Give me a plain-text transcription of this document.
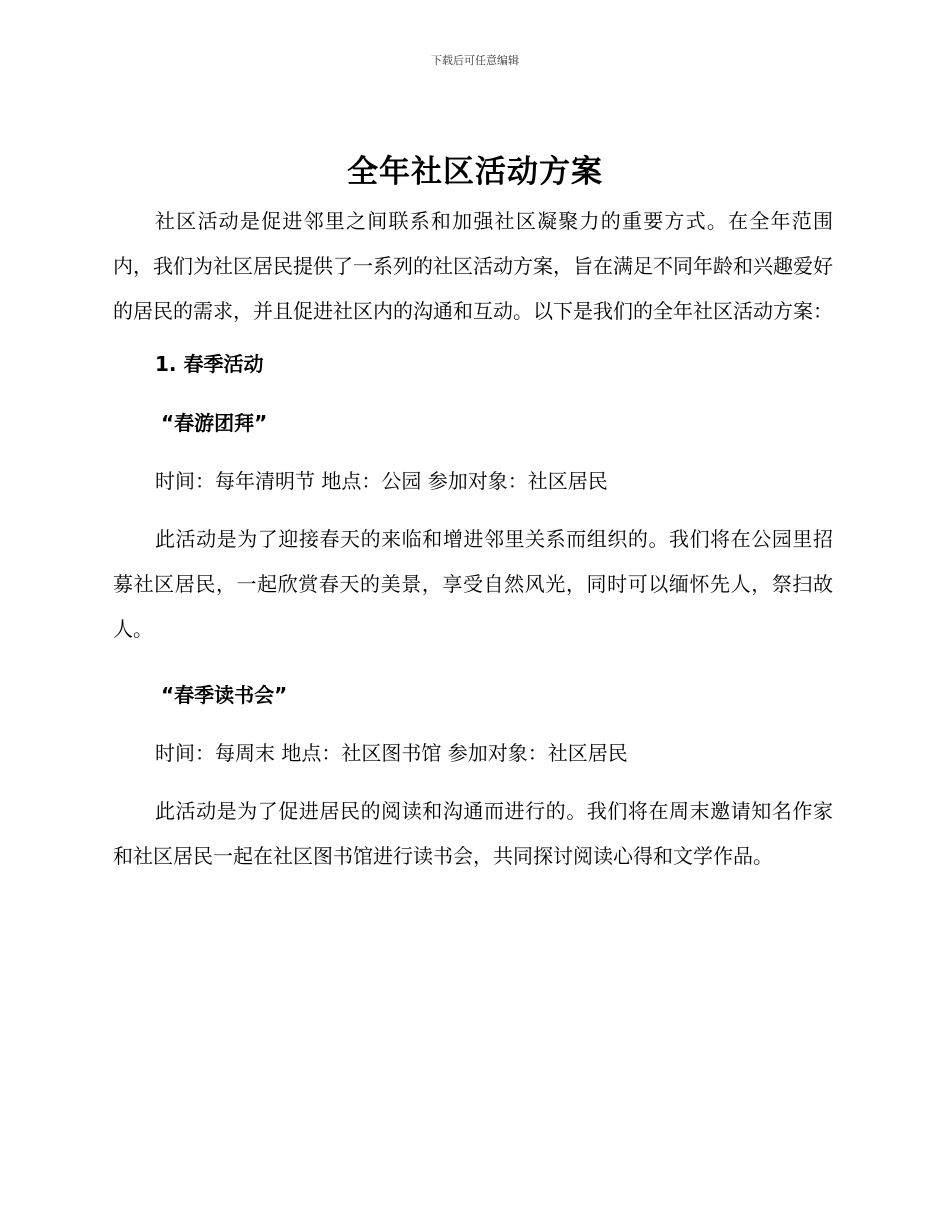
下载后可任意编辑
全年社区活动方案

社区活动是促进邻里之间联系和加强社区凝聚力的重要方式。在全年范围内，我们为社区居民提供了一系列的社区活动方案，旨在满足不同年龄和兴趣爱好的居民的需求，并且促进社区内的沟通和互动。以下是我们的全年社区活动方案：

1. 春季活动
“春游团拜”
时间：每年清明节 地点：公园 参加对象：社区居民

此活动是为了迎接春天的来临和增进邻里关系而组织的。我们将在公园里招募社区居民，一起欣赏春天的美景，享受自然风光，同时可以缅怀先人，祭扫故人。

“春季读书会”
时间：每周末 地点：社区图书馆 参加对象：社区居民

此活动是为了促进居民的阅读和沟通而进行的。我们将在周末邀请知名作家和社区居民一起在社区图书馆进行读书会，共同探讨阅读心得和文学作品。
